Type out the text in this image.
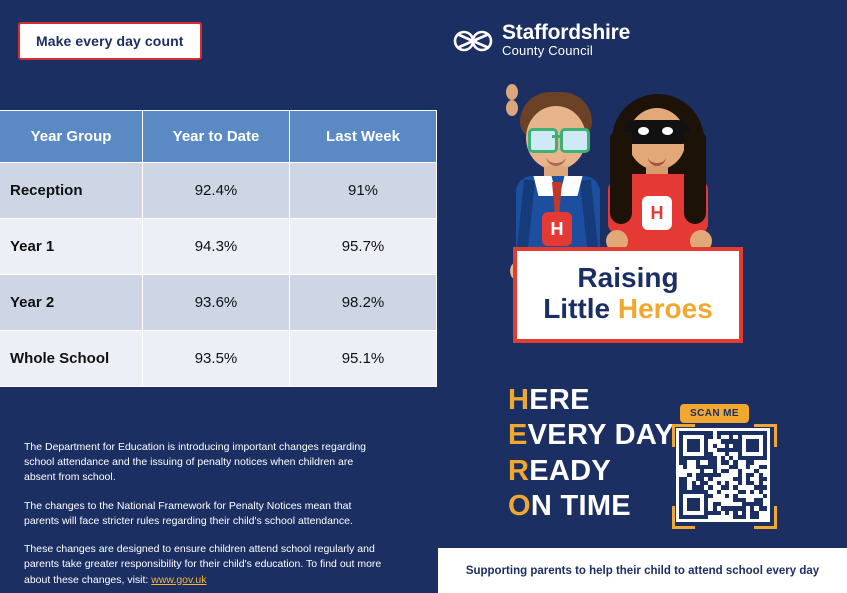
Make every day count	Staffordshire
County Council
Year Group	Year to Date	Last Week
Reception	92.4%	91%
Year 1	94.3%	95.7%
Year 2	93.6%	98.2%
Whole School	93.5%	95.1%

The Department for Education is introducing important changes regarding school attendance and the issuing of penalty notices when children are absent from school.

The changes to the National Framework for Penalty Notices mean that parents will face stricter rules regarding their child's school attendance.

These changes are designed to ensure children attend school regularly and parents take greater responsibility for their child's education. To find out more about these changes, visit: www.gov.uk

H
H
Raising
Little Heroes
HERE
EVERY DAY
READY
ON TIME
SCAN ME
Supporting parents to help their child to attend school every day
